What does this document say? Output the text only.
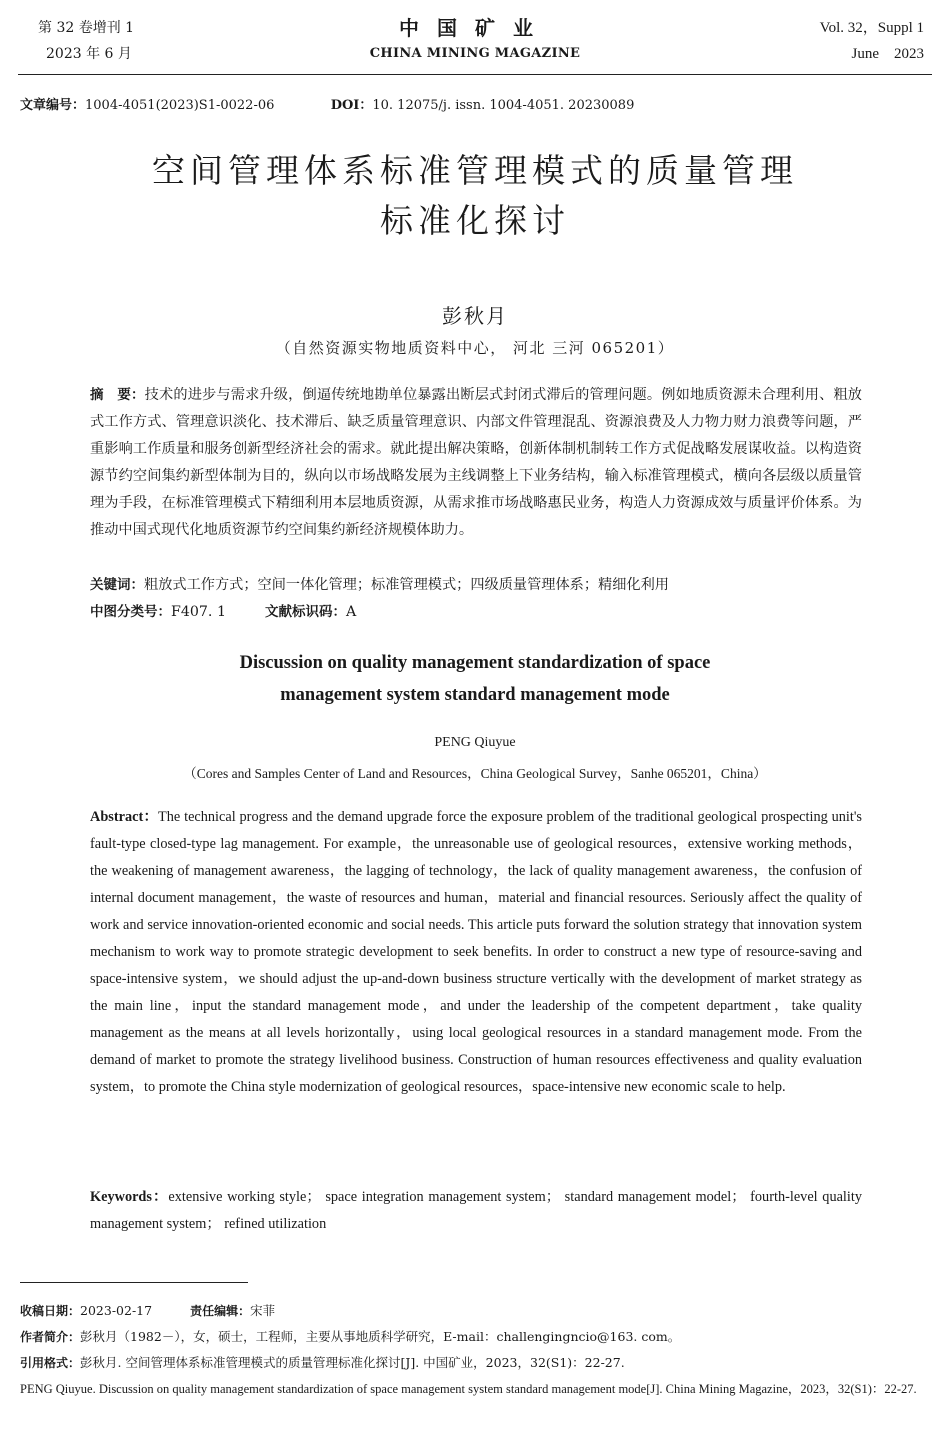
第 32 卷增刊 1
2023 年 6 月
中国矿业
CHINA MINING MAGAZINE
Vol. 32，Suppl 1
June　2023
文章编号：1004-4051(2023)S1-0022-06	DOI：10. 12075/j. issn. 1004-4051. 20230089
空间管理体系标准管理模式的质量管理
标准化探讨
彭秋月
（自然资源实物地质资料中心， 河北 三河 065201）
摘　要：技术的进步与需求升级，倒逼传统地勘单位暴露出断层式封闭式滞后的管理问题。例如地质资源未合理利用、粗放式工作方式、管理意识淡化、技术滞后、缺乏质量管理意识、内部文件管理混乱、资源浪费及人力物力财力浪费等问题，严重影响工作质量和服务创新型经济社会的需求。就此提出解决策略，创新体制机制转工作方式促战略发展谋收益。以构造资源节约空间集约新型体制为目的，纵向以市场战略发展为主线调整上下业务结构，输入标准管理模式，横向各层级以质量管理为手段，在标准管理模式下精细利用本层地质资源，从需求推市场战略惠民业务，构造人力资源成效与质量评价体系。为推动中国式现代化地质资源节约空间集约新经济规模体助力。
关键词：粗放式工作方式；空间一体化管理；标准管理模式；四级质量管理体系；精细化利用
中图分类号：F407. 1	文献标识码：A
Discussion on quality management standardization of space
management system standard management mode
PENG Qiuyue
（Cores and Samples Center of Land and Resources，China Geological Survey，Sanhe 065201，China）
Abstract：The technical progress and the demand upgrade force the exposure problem of the traditional geological prospecting unit's fault-type closed-type lag management. For example，the unreasonable use of geological resources，extensive working methods，the weakening of management awareness，the lagging of technology，the lack of quality management awareness，the confusion of internal document management，the waste of resources and human，material and financial resources. Seriously affect the quality of work and service innovation-oriented economic and social needs. This article puts forward the solution strategy that innovation system mechanism to work way to promote strategic development to seek benefits. In order to construct a new type of resource-saving and space-intensive system，we should adjust the up-and-down business structure vertically with the development of market strategy as the main line，input the standard management mode，and under the leadership of the competent department，take quality management as the means at all levels horizontally，using local geological resources in a standard management mode. From the demand of market to promote the strategy livelihood business. Construction of human resources effectiveness and quality evaluation system，to promote the China style modernization of geological resources，space-intensive new economic scale to help.
Keywords：extensive working style； space integration management system； standard management model； fourth-level quality management system； refined utilization
收稿日期：2023-02-17	责任编辑：宋菲
作者简介：彭秋月（1982－），女，硕士，工程师，主要从事地质科学研究，E-mail：challengingncio@163. com。
引用格式：彭秋月. 空间管理体系标准管理模式的质量管理标准化探讨[J]. 中国矿业，2023，32(S1)：22-27.
PENG Qiuyue. Discussion on quality management standardization of space management system standard management mode[J]. China Mining Magazine，2023，32(S1)：22-27.
